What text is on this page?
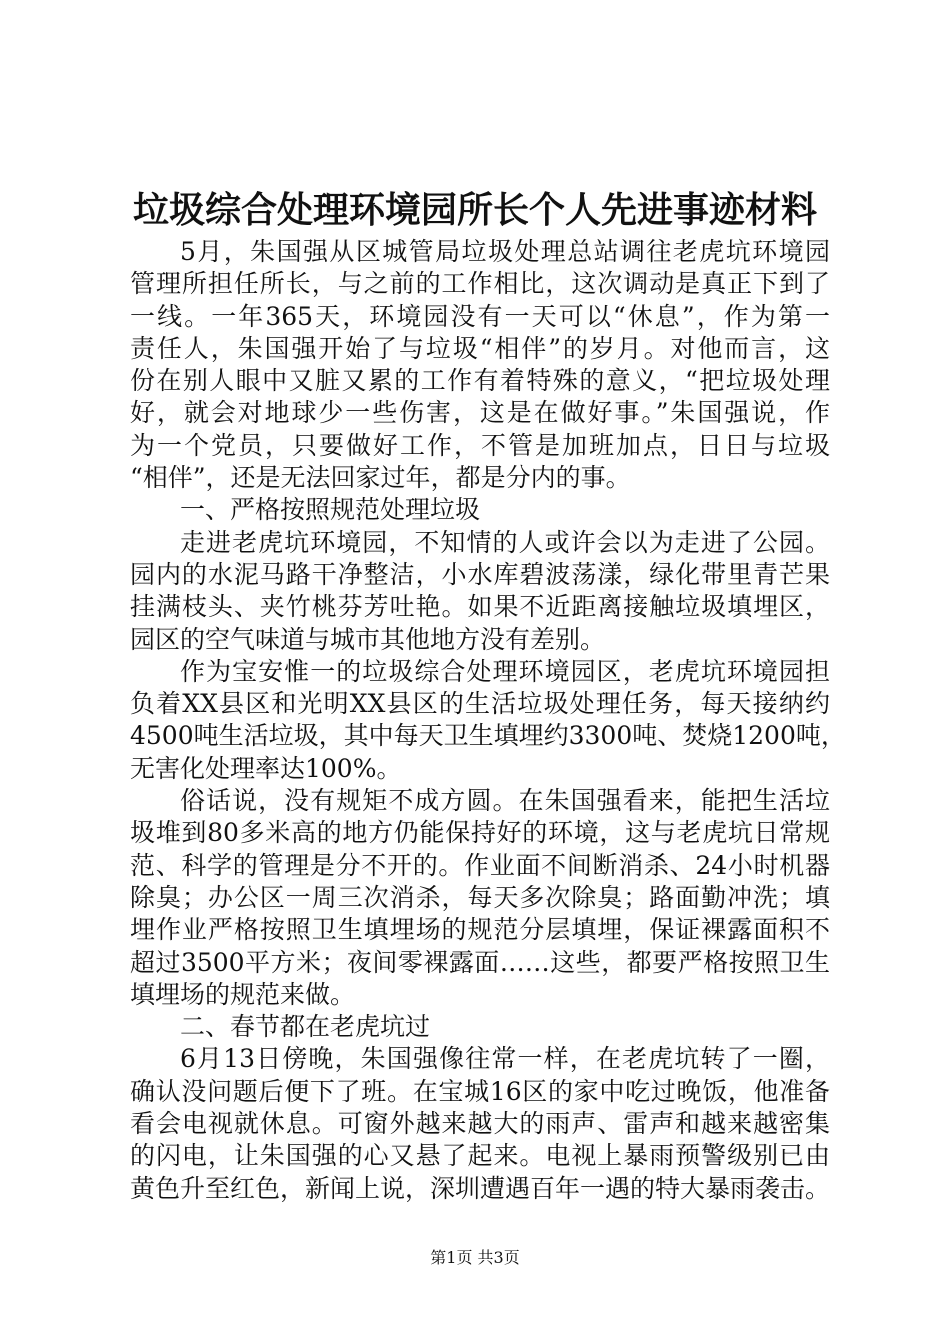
垃圾综合处理环境园所长个人先进事迹材料
5月，朱国强从区城管局垃圾处理总站调往老虎坑环境园
管理所担任所长，与之前的工作相比，这次调动是真正下到了
一线。一年365天，环境园没有一天可以“休息”，作为第一
责任人，朱国强开始了与垃圾“相伴”的岁月。对他而言，这
份在别人眼中又脏又累的工作有着特殊的意义，“把垃圾处理
好，就会对地球少一些伤害，这是在做好事。”朱国强说，作
为一个党员，只要做好工作，不管是加班加点，日日与垃圾
“相伴”，还是无法回家过年，都是分内的事。
一、严格按照规范处理垃圾
走进老虎坑环境园，不知情的人或许会以为走进了公园。
园内的水泥马路干净整洁，小水库碧波荡漾，绿化带里青芒果
挂满枝头、夹竹桃芬芳吐艳。如果不近距离接触垃圾填埋区，
园区的空气味道与城市其他地方没有差别。
作为宝安惟一的垃圾综合处理环境园区，老虎坑环境园担
负着XX县区和光明XX县区的生活垃圾处理任务，每天接纳约
4500吨生活垃圾，其中每天卫生填埋约3300吨、焚烧1200吨，
无害化处理率达100%。
俗话说，没有规矩不成方圆。在朱国强看来，能把生活垃
圾堆到80多米高的地方仍能保持好的环境，这与老虎坑日常规
范、科学的管理是分不开的。作业面不间断消杀、24小时机器
除臭；办公区一周三次消杀，每天多次除臭；路面勤冲洗；填
埋作业严格按照卫生填埋场的规范分层填埋，保证裸露面积不
超过3500平方米；夜间零裸露面……这些，都要严格按照卫生
填埋场的规范来做。
二、春节都在老虎坑过
6月13日傍晚，朱国强像往常一样，在老虎坑转了一圈，
确认没问题后便下了班。在宝城16区的家中吃过晚饭，他准备
看会电视就休息。可窗外越来越大的雨声、雷声和越来越密集
的闪电，让朱国强的心又悬了起来。电视上暴雨预警级别已由
黄色升至红色，新闻上说，深圳遭遇百年一遇的特大暴雨袭击。
第1页 共3页
